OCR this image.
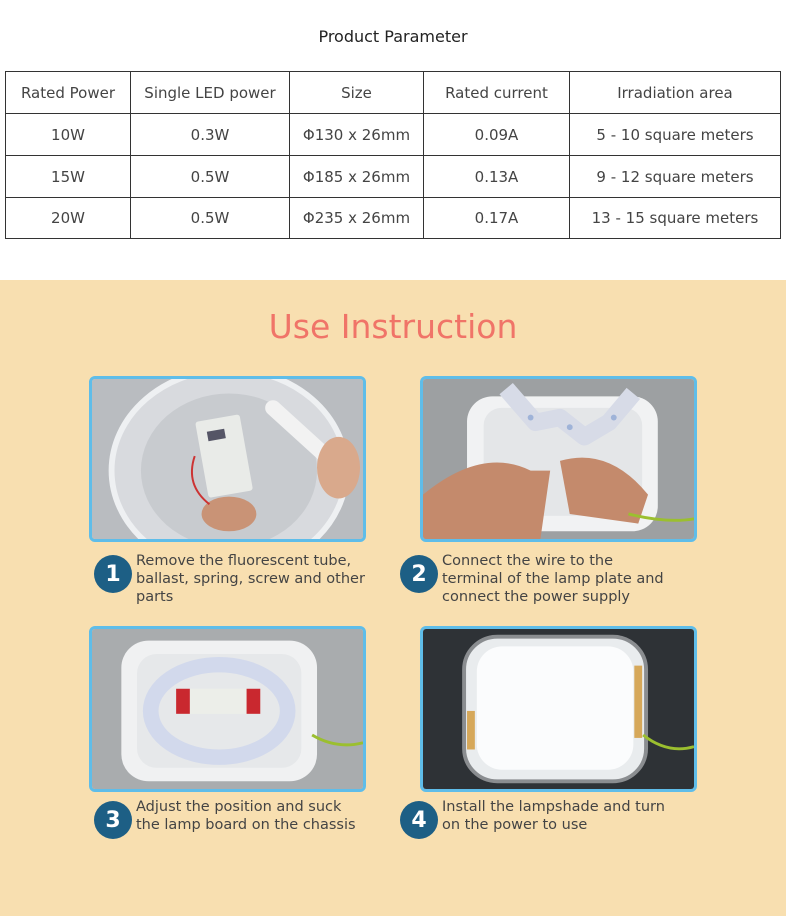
Product Parameter
Rated Power	Single LED power	Size	Rated current	Irradiation area
10W	0.3W	Φ130 x 26mm	0.09A	5 - 10 square meters
15W	0.5W	Φ185 x 26mm	0.13A	9 - 12 square meters
20W	0.5W	Φ235 x 26mm	0.17A	13 - 15 square meters
Use Instruction
1
Remove the fluorescent tube, ballast, spring, screw and other parts
2
Connect the wire to the terminal of the lamp plate and connect the power supply
3
Adjust the position and suck the lamp board on the chassis	4
Install the lampshade and turn on the power to use
